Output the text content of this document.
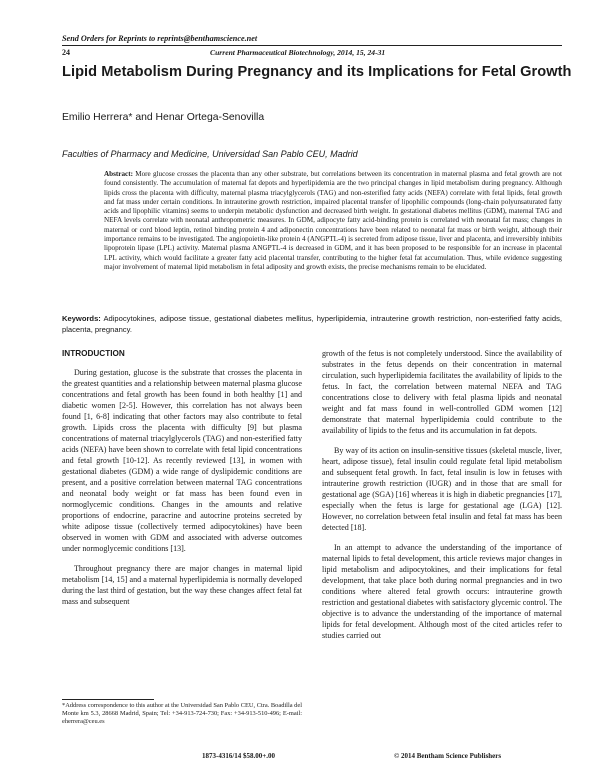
Send Orders for Reprints to reprints@benthamscience.net
24	Current Pharmaceutical Biotechnology, 2014, 15, 24-31
Lipid Metabolism During Pregnancy and its Implications for Fetal Growth
Emilio Herrera* and Henar Ortega-Senovilla
Faculties of Pharmacy and Medicine, Universidad San Pablo CEU, Madrid
Abstract: More glucose crosses the placenta than any other substrate, but correlations between its concentration in maternal plasma and fetal growth are not found consistently. The accumulation of maternal fat depots and hyperlipidemia are the two principal changes in lipid metabolism during pregnancy. Although lipids cross the placenta with difficulty, maternal plasma triacylglycerols (TAG) and non-esterified fatty acids (NEFA) correlate with fetal lipids, fetal growth and fat mass under certain conditions. In intrauterine growth restriction, impaired placental transfer of lipophilic compounds (long-chain polyunsaturated fatty acids and lipophilic vitamins) seems to underpin metabolic dysfunction and decreased birth weight. In gestational diabetes mellitus (GDM), maternal TAG and NEFA levels correlate with neonatal anthropometric measures. In GDM, adipocyte fatty acid-binding protein is correlated with neonatal fat mass; changes in maternal or cord blood leptin, retinol binding protein 4 and adiponectin concentrations have been related to neonatal fat mass or birth weight, although their importance remains to be investigated. The angiopoietin-like protein 4 (ANGPTL-4) is secreted from adipose tissue, liver and placenta, and irreversibly inhibits lipoprotein lipase (LPL) activity. Maternal plasma ANGPTL-4 is decreased in GDM, and it has been proposed to be responsible for an increase in placental LPL activity, which would facilitate a greater fatty acid placental transfer, contributing to the higher fetal fat accumulation. Thus, while evidence suggesting major involvement of maternal lipid metabolism in fetal adiposity and growth exists, the precise mechanisms remain to be elucidated.
Keywords: Adipocytokines, adipose tissue, gestational diabetes mellitus, hyperlipidemia, intrauterine growth restriction, non-esterified fatty acids, placenta, pregnancy.
INTRODUCTION

During gestation, glucose is the substrate that crosses the placenta in the greatest quantities and a relationship between maternal plasma glucose concentrations and fetal growth has been found in both healthy [1] and diabetic women [2-5]. However, this correlation has not always been found [1, 6-8] indicating that other factors may also contribute to fetal growth. Lipids cross the placenta with difficulty [9] but plasma concentrations of maternal triacylglycerols (TAG) and non-esterified fatty acids (NEFA) have been shown to correlate with fetal lipid concentrations and fetal growth [10-12]. As recently reviewed [13], in women with gestational diabetes (GDM) a wide range of dyslipidemic conditions are present, and a positive correlation between maternal TAG concentrations and neonatal body weight or fat mass has been found even in normoglycemic conditions. Changes in the amounts and relative proportions of endocrine, paracrine and autocrine proteins secreted by white adipose tissue (collectively termed adipocytokines) have been observed in women with GDM and associated with adverse outcomes under normoglycemic conditions [13].

Throughout pregnancy there are major changes in maternal lipid metabolism [14, 15] and a maternal hyperlipidemia is normally developed during the last third of gestation, but the way these changes affect fetal fat mass and subsequent

growth of the fetus is not completely understood. Since the availability of substrates in the fetus depends on their concentration in maternal circulation, such hyperlipidemia facilitates the availability of lipids to the fetus. In fact, the correlation between maternal NEFA and TAG concentrations close to delivery with fetal plasma lipids and neonatal weight and fat mass found in well-controlled GDM women [12] demonstrate that maternal hyperlipidemia could contribute to the availability of lipids to the fetus and its accumulation in fat depots.

By way of its action on insulin-sensitive tissues (skeletal muscle, liver, heart, adipose tissue), fetal insulin could regulate fetal lipid metabolism and subsequent fetal growth. In fact, fetal insulin is low in fetuses with intrauterine growth restriction (IUGR) and in those that are small for gestational age (SGA) [16] whereas it is high in diabetic pregnancies [17], especially when the fetus is large for gestational age (LGA) [12]. However, no correlation between fetal insulin and fetal fat mass has been detected [18].

In an attempt to advance the understanding of the importance of maternal lipids to fetal development, this article reviews major changes in lipid metabolism and adipocytokines, and their implications for fetal development, that take place both during normal pregnancies and in two conditions where altered fetal growth occurs: intrauterine growth restriction and gestational diabetes with satisfactory glycemic control. The objective is to advance the understanding of the importance of maternal lipids for fetal development. Although most of the cited articles refer to studies carried out

*Address correspondence to this author at the Universidad San Pablo CEU, Ctra. Boadilla del Monte km 5.3, 28668 Madrid, Spain; Tel: +34-913-724-730; Fax: +34-913-510-496; E-mail: eherrera@ceu.es
1873-4316/14 $58.00+.00	© 2014 Bentham Science Publishers
